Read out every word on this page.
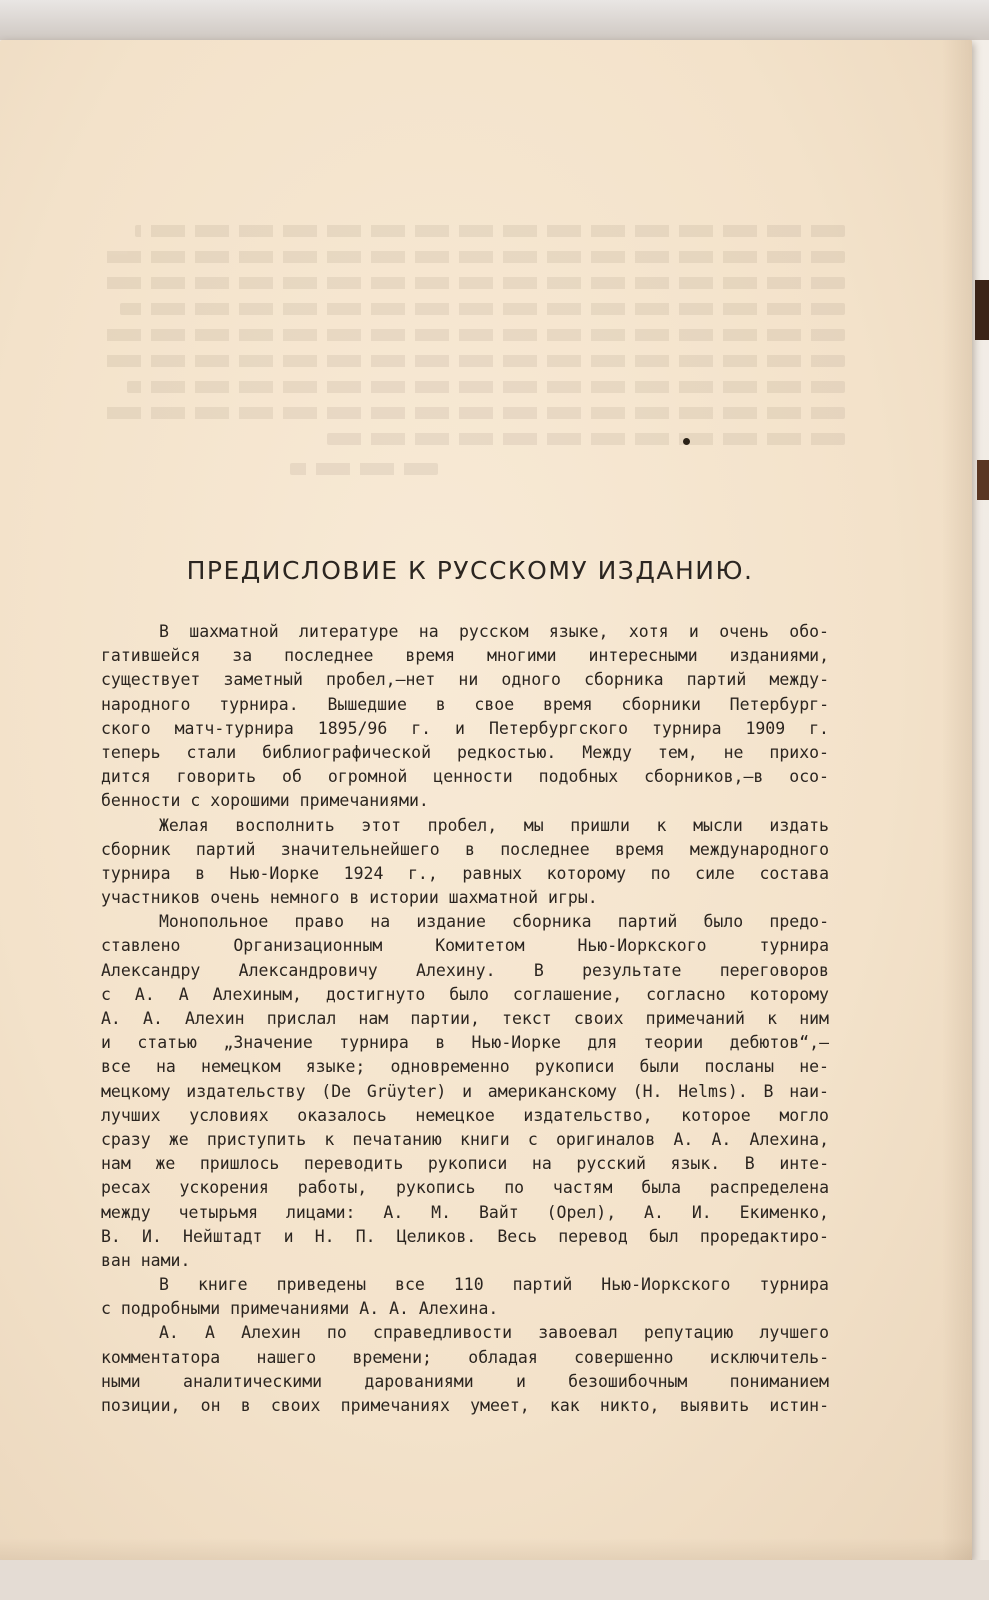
ПРЕДИСЛОВИЕ К РУССКОМУ ИЗДАНИЮ.
В шахматной литературе на русском языке, хотя и очень обо-
гатившейся за последнее время многими интересными изданиями,
существует заметный пробел,—нет ни одного сборника партий между-
народного турнира. Вышедшие в свое время сборники Петербург-
ского матч-турнира 1895/96 г. и Петербургского турнира 1909 г.
теперь стали библиографической редкостью. Между тем, не прихо-
дится говорить об огромной ценности подобных сборников,—в осо-
бенности с хорошими примечаниями.
Желая восполнить этот пробел, мы пришли к мысли издать
сборник партий значительнейшего в последнее время международного
турнира в Нью-Иорке 1924 г., равных которому по силе состава
участников очень немного в истории шахматной игры.
Монопольное право на издание сборника партий было предо-
ставлено Организационным Комитетом Нью-Иоркского турнира
Александру Александровичу Алехину. В результате переговоров
с А. А Алехиным, достигнуто было соглашение, согласно которому
А. А. Алехин прислал нам партии, текст своих примечаний к ним
и статью „Значение турнира в Нью-Иорке для теории дебютов“,—
все на немецком языке; одновременно рукописи были посланы не-
мецкому издательству (De Grüyter) и американскому (H. Helms). В наи-
лучших условиях оказалось немецкое издательство, которое могло
сразу же приступить к печатанию книги с оригиналов А. А. Алехина,
нам же пришлось переводить рукописи на русский язык. В инте-
ресах ускорения работы, рукопись по частям была распределена
между четырьмя лицами: А. М. Вайт (Орел), А. И. Екименко,
В. И. Нейштадт и Н. П. Целиков. Весь перевод был проредактиро-
ван нами.
В книге приведены все 110 партий Нью-Иоркского турнира
с подробными примечаниями А. А. Алехина.
А. А Алехин по справедливости завоевал репутацию лучшего
комментатора нашего времени; обладая совершенно исключитель-
ными аналитическими дарованиями и безошибочным пониманием
позиции, он в своих примечаниях умеет, как никто, выявить истин-
